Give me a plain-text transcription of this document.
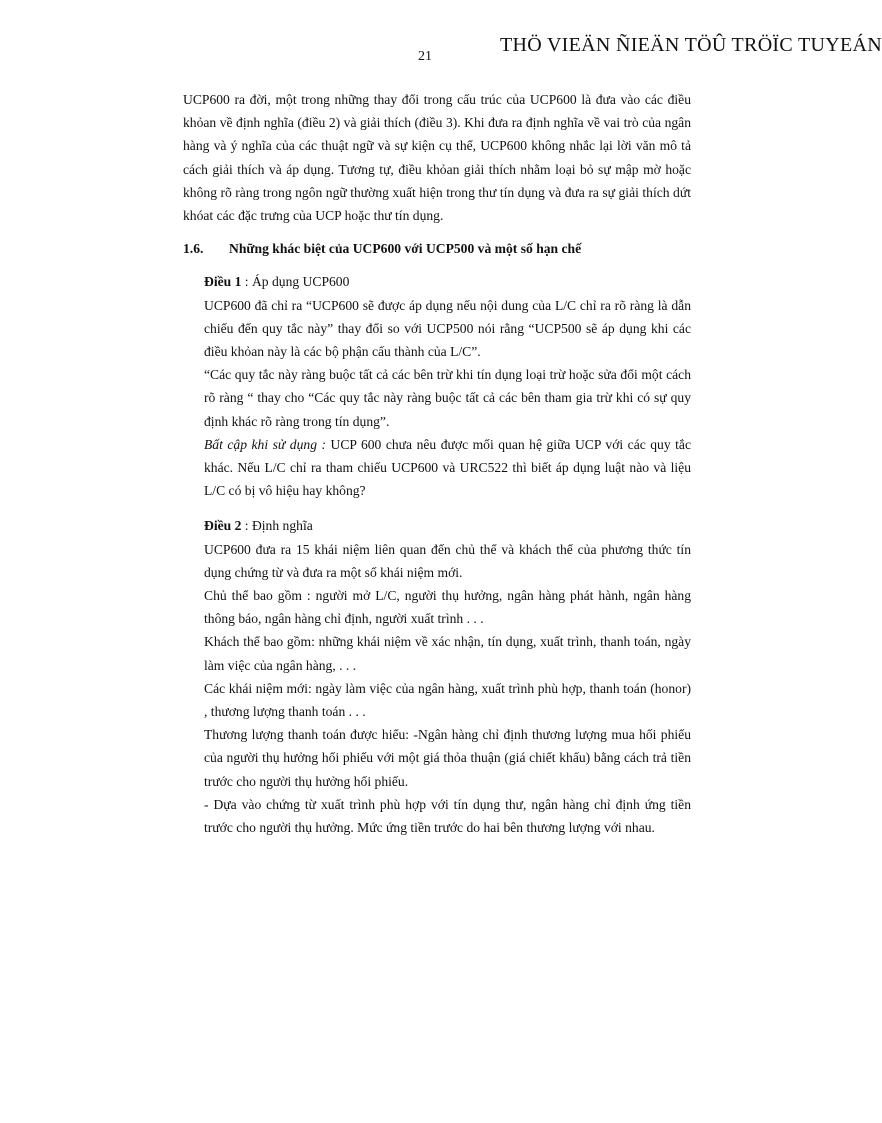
THÖ VIEÄN ÑIEÄN TÖÛ TRÖÏC TUYEÁN
21

UCP600 ra đời, một trong những thay đổi trong cấu trúc của UCP600 là đưa vào các điều khỏan về định nghĩa (điều 2) và giải thích (điều 3). Khi đưa ra định nghĩa về vai trò của ngân hàng và ý nghĩa của các thuật ngữ và sự kiện cụ thể, UCP600 không nhắc lại lời văn mô tả cách giải thích và áp dụng. Tương tự, điều khỏan giải thích nhằm loại bỏ sự mập mờ hoặc không rõ ràng trong ngôn ngữ thường xuất hiện trong thư tín dụng và đưa ra sự giải thích dứt khóat các đặc trưng của UCP hoặc thư tín dụng.

1.6.	Những khác biệt của UCP600 với UCP500 và một số hạn chế

Điều 1 : Áp dụng UCP600

UCP600 đã chỉ ra “UCP600 sẽ được áp dụng nếu nội dung của L/C chỉ ra rõ ràng là dẫn chiếu đến quy tắc này” thay đổi so với UCP500 nói rằng “UCP500 sẽ áp dụng khi các điều khỏan này là các bộ phận cấu thành của L/C”.

“Các quy tắc này ràng buộc tất cả các bên trừ khi tín dụng loại trừ hoặc sửa đổi một cách rõ ràng “ thay cho “Các quy tắc này ràng buộc tất cả các bên tham gia trừ khi có sự quy định khác rõ ràng trong tín dụng”.

Bất cập khi sử dụng : UCP 600 chưa nêu được mối quan hệ giữa UCP với các quy tắc khác. Nếu L/C chỉ ra tham chiếu UCP600 và URC522 thì biết áp dụng luật nào và liệu L/C có bị vô hiệu hay không?

Điều 2 : Định nghĩa

UCP600 đưa ra 15 khái niệm liên quan đến chủ thể và khách thể của phương thức tín dụng chứng từ và đưa ra một số khái niệm mới.

Chủ thể bao gồm : người mở L/C, người thụ hưởng, ngân hàng phát hành, ngân hàng thông báo, ngân hàng chỉ định, người xuất trình . . .

Khách thể bao gồm: những khái niệm về xác nhận, tín dụng, xuất trình, thanh toán, ngày làm việc của ngân hàng, . . .

Các khái niệm mới: ngày làm việc của ngân hàng, xuất trình phù hợp, thanh toán (honor) , thương lượng thanh toán . . .

Thương lượng thanh toán được hiểu: -Ngân hàng chỉ định thương lượng mua hối phiếu của người thụ hưởng hối phiếu với một giá thỏa thuận (giá chiết khấu) bằng cách trả tiền trước cho người thụ hưởng hối phiếu.

- Dựa vào chứng từ xuất trình phù hợp với tín dụng thư, ngân hàng chỉ định ứng tiền trước cho người thụ hưởng. Mức ứng tiền trước do hai bên thương lượng với nhau.
